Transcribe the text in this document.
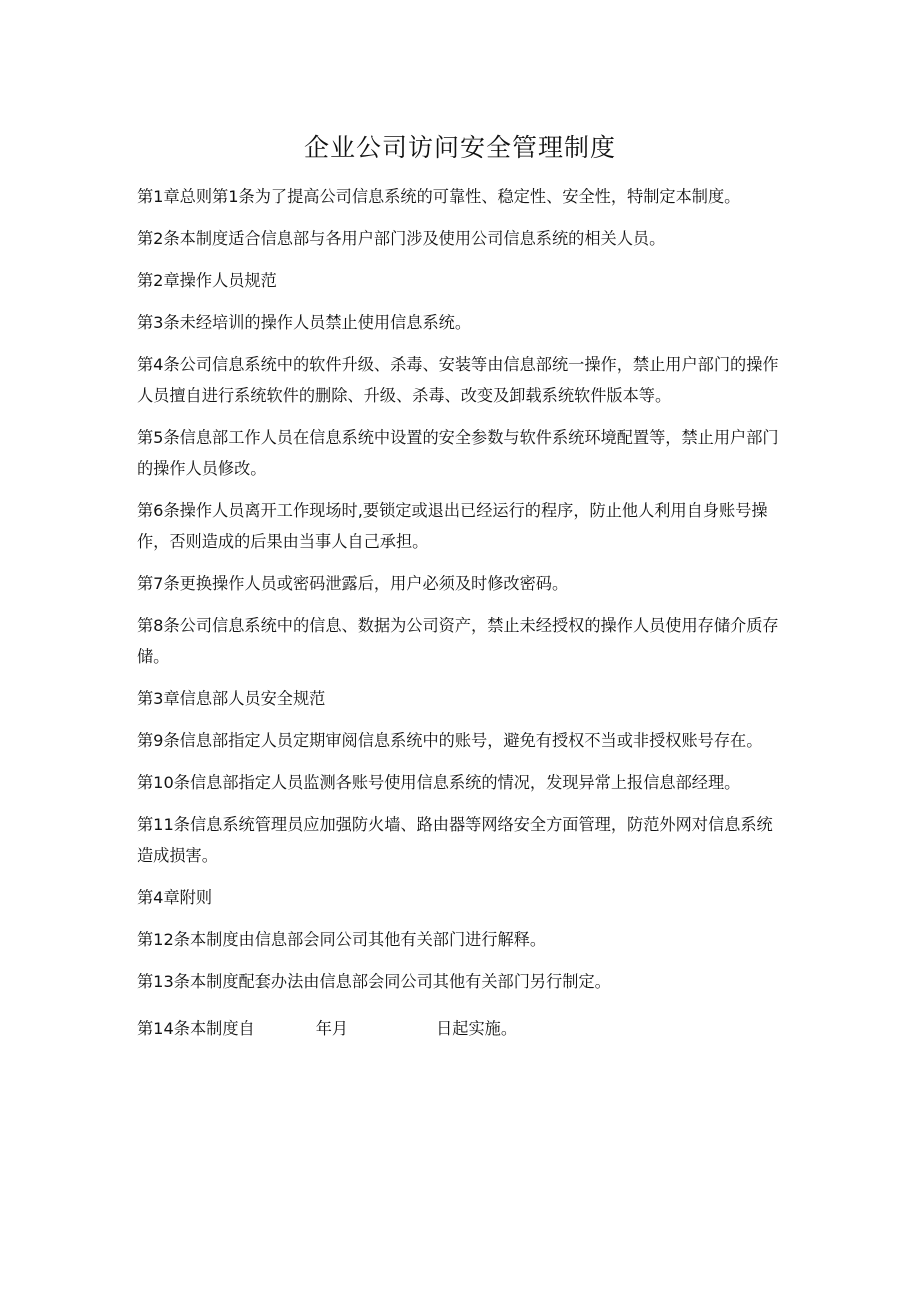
企业公司访问安全管理制度

第1章总则第1条为了提高公司信息系统的可靠性、稳定性、安全性，特制定本制度。

第2条本制度适合信息部与各用户部门涉及使用公司信息系统的相关人员。

第2章操作人员规范

第3条未经培训的操作人员禁止使用信息系统。

第4条公司信息系统中的软件升级、杀毒、安装等由信息部统一操作，禁止用户部门的操作人员擅自进行系统软件的删除、升级、杀毒、改变及卸载系统软件版本等。

第5条信息部工作人员在信息系统中设置的安全参数与软件系统环境配置等，禁止用户部门的操作人员修改。

第6条操作人员离开工作现场时,要锁定或退出已经运行的程序，防止他人利用自身账号操作，否则造成的后果由当事人自己承担。

第7条更换操作人员或密码泄露后，用户必须及时修改密码。

第8条公司信息系统中的信息、数据为公司资产，禁止未经授权的操作人员使用存储介质存储。

第3章信息部人员安全规范

第9条信息部指定人员定期审阅信息系统中的账号，避免有授权不当或非授权账号存在。

第10条信息部指定人员监测各账号使用信息系统的情况，发现异常上报信息部经理。

第11条信息系统管理员应加强防火墙、路由器等网络安全方面管理，防范外网对信息系统造成损害。

第4章附则

第12条本制度由信息部会同公司其他有关部门进行解释。

第13条本制度配套办法由信息部会同公司其他有关部门另行制定。

第14条本制度自	年月	日起实施。
